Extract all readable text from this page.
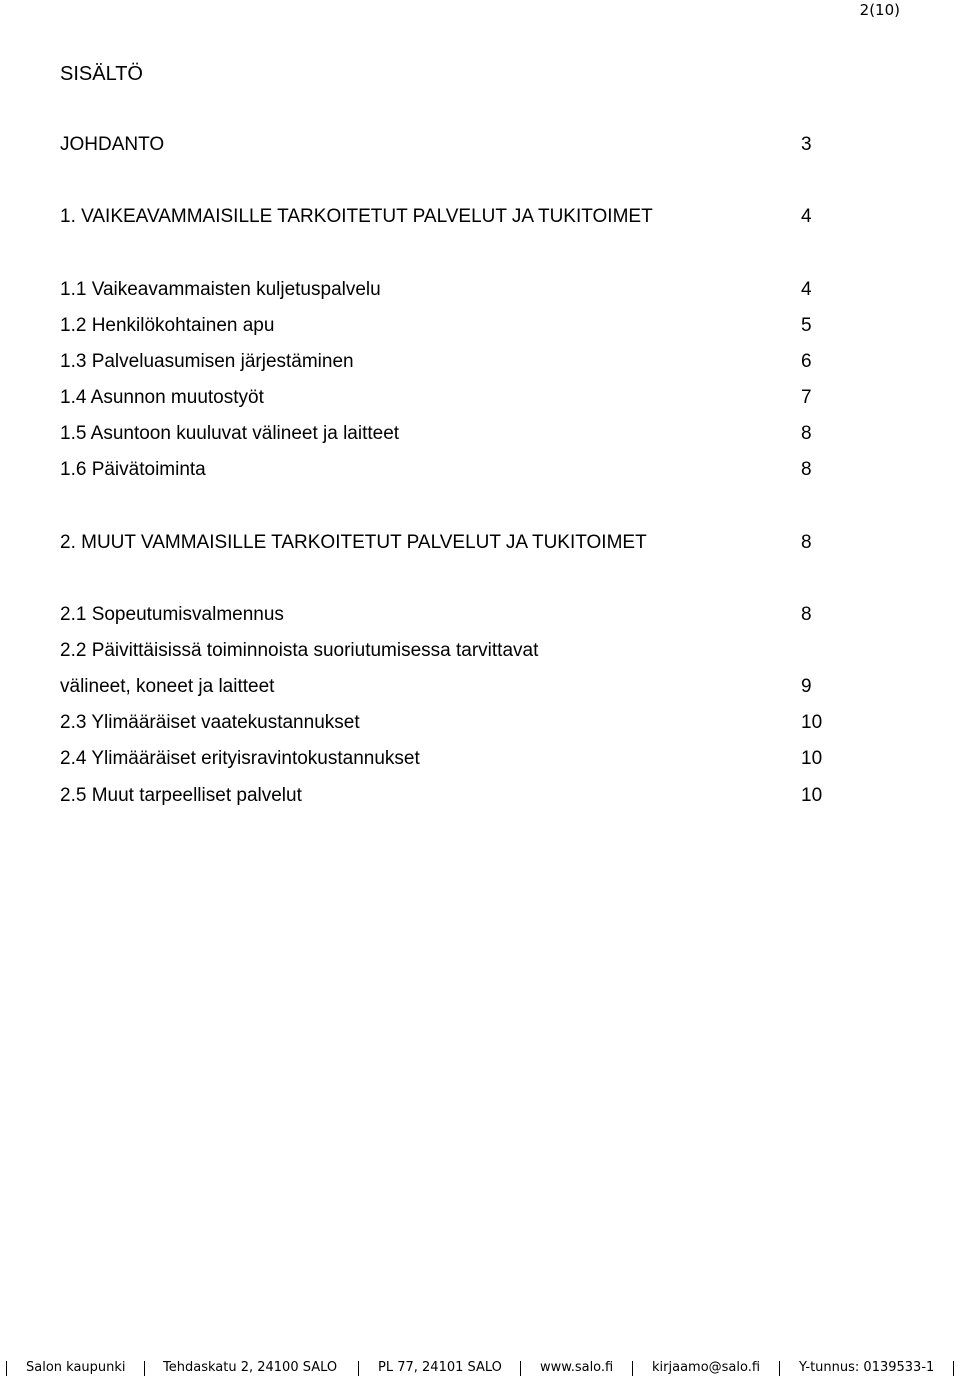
2(10)
SISÄLTÖ
JOHDANTO	3
1. VAIKEAVAMMAISILLE TARKOITETUT PALVELUT JA TUKITOIMET	4
1.1 Vaikeavammaisten kuljetuspalvelu	4
1.2 Henkilökohtainen apu	5
1.3 Palveluasumisen järjestäminen	6
1.4 Asunnon muutostyöt	7
1.5 Asuntoon kuuluvat välineet ja laitteet	8
1.6 Päivätoiminta	8
2. MUUT VAMMAISILLE TARKOITETUT PALVELUT JA TUKITOIMET	8
2.1 Sopeutumisvalmennus	8
2.2 Päivittäisissä toiminnoista suoriutumisessa tarvittavat
välineet, koneet ja laitteet	9
2.3 Ylimääräiset vaatekustannukset	10
2.4 Ylimääräiset erityisravintokustannukset	10
2.5 Muut tarpeelliset palvelut	10
Salon kaupunki	Tehdaskatu 2, 24100 SALO	PL 77, 24101 SALO	www.salo.fi	kirjaamo@salo.fi	Y-tunnus: 0139533-1
